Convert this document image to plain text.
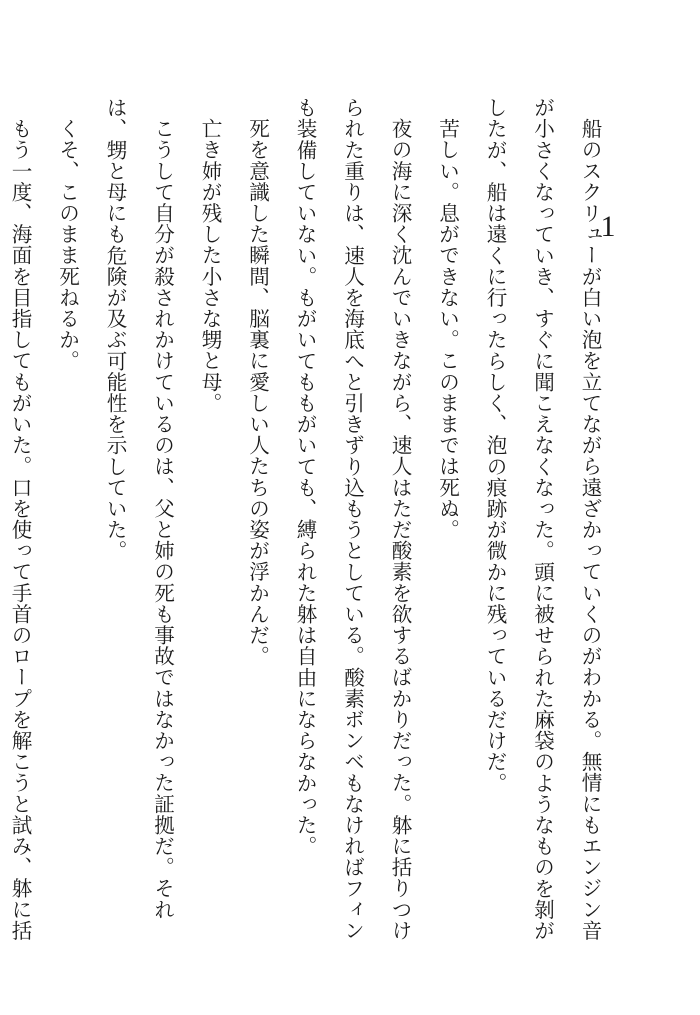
1

船のスクリューが白い泡を立てながら遠ざかっていくのがわかる。無情にもエンジン音が小さくなっていき、すぐに聞こえなくなった。頭に被せられた麻袋のようなものを剝がしたが、船は遠くに行ったらしく、泡の痕跡が微かに残っているだけだ。

苦しい。息ができない。このままでは死ぬ。

夜の海に深く沈んでいきながら、速人はただ酸素を欲するばかりだった。躰に括りつけられた重りは、速人を海底へと引きずり込もうとしている。酸素ボンベもなければフィンも装備していない。もがいてももがいても、縛られた躰は自由にならなかった。

死を意識した瞬間、脳裏に愛しい人たちの姿が浮かんだ。

亡き姉が残した小さな甥と母。

こうして自分が殺されかけているのは、父と姉の死も事故ではなかった証拠だ。それは、甥と母にも危険が及ぶ可能性を示していた。

くそ、このまま死ねるか。

もう一度、海面を目指してもがいた。口を使って手首のロープを解こうと試み、躰に括
